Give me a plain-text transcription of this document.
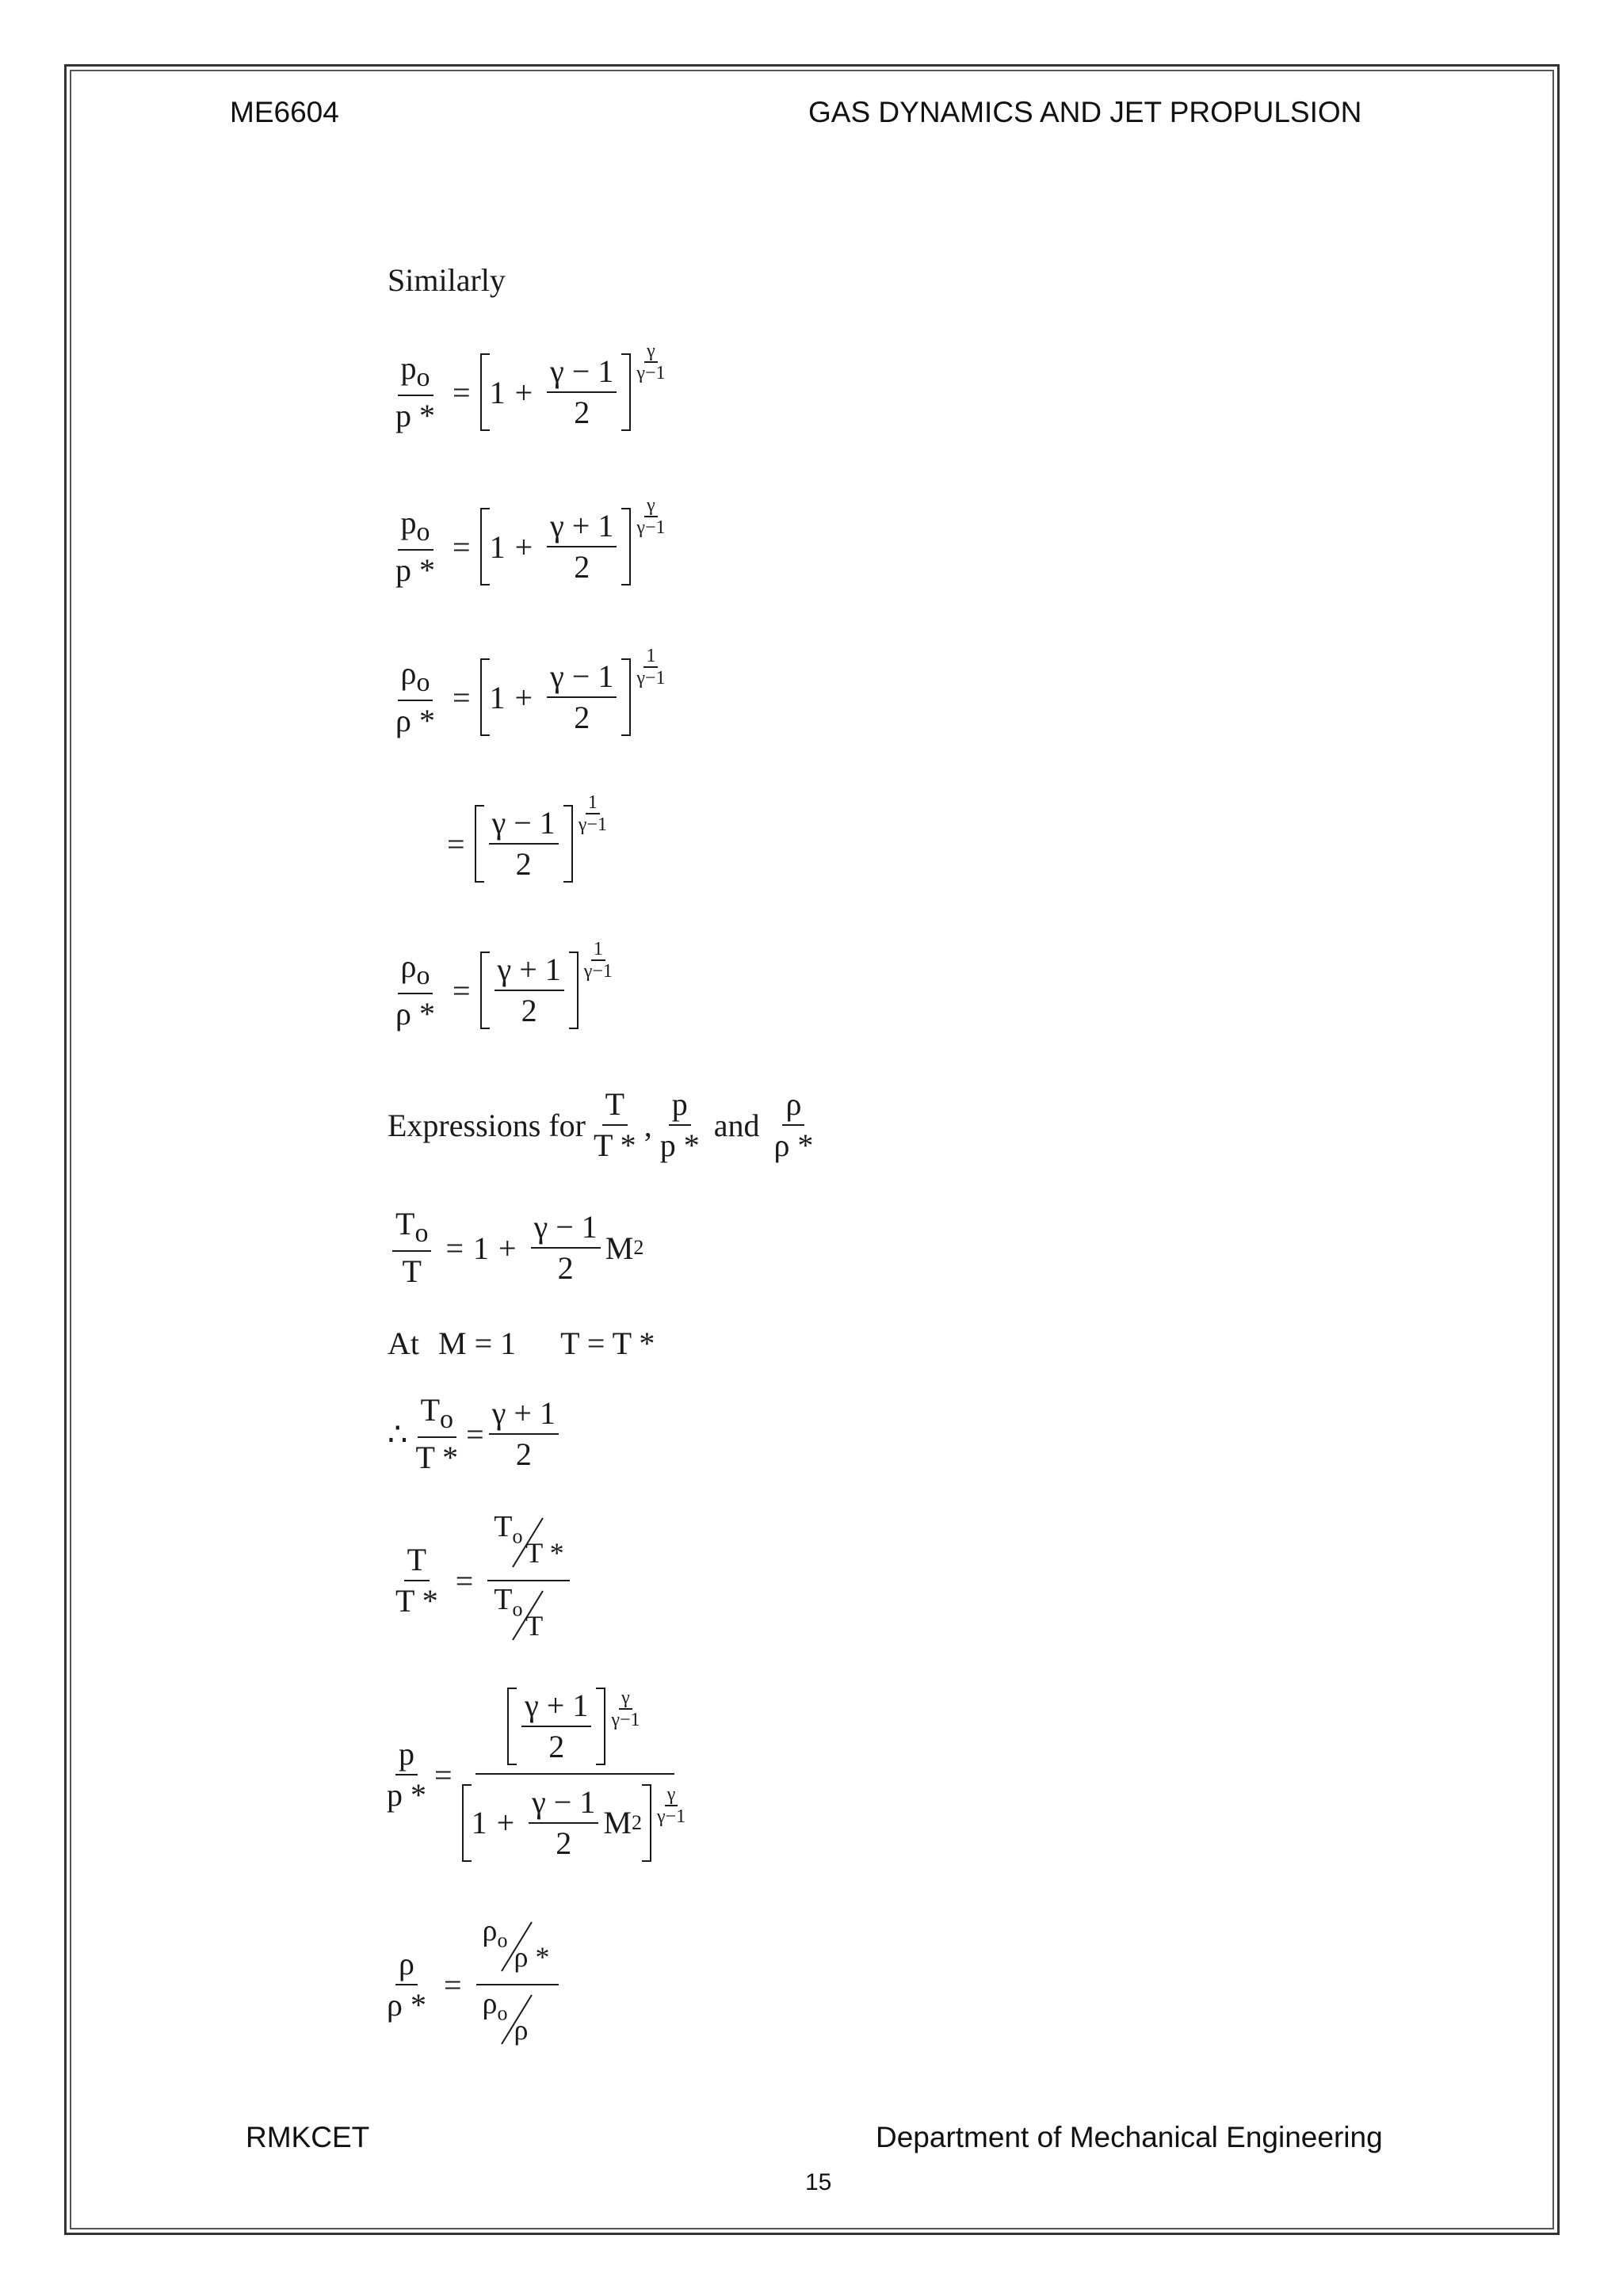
ME6604	GAS DYNAMICS AND JET PROPULSION
Similarly
$\frac{p_o}{p *} = 1 + \frac{\gamma - 1}{2}$
γ
γ−1
$\frac{p_o}{p *} = 1 + \frac{\gamma + 1}{2}$
γ
γ−1
$\frac{\rho_o}{\rho *} = 1 + \frac{\gamma - 1}{2}$
1
γ−1
= $\frac{\gamma - 1}{2}$
1
γ−1
$\frac{\rho_o}{\rho *} = \frac{\gamma + 1}{2}$
1
γ−1
Expressions for $\frac{T}{T *}$ , $\frac{p}{p *}$ and $\frac{\rho}{\rho *}$
$\frac{T_o}{T} = 1 + \frac{\gamma - 1}{2}$ M 2
At M = 1 T = T *
∴ $\frac{T_o}{T *} = \frac{\gamma + 1}{2}$
$\frac{T}{T *} = T_o$
T *
$T_o$
T
$\frac{p}{p *} = \frac{\gamma + 1}{2}$ γ
γ−1
$1 + \frac{\gamma - 1}{2}$ M 2
γ
γ−1
$\frac{\rho}{\rho *} = \rho_o$
ρ *
$\rho_o$
ρ
RMKCET	Department of Mechanical Engineering
15
